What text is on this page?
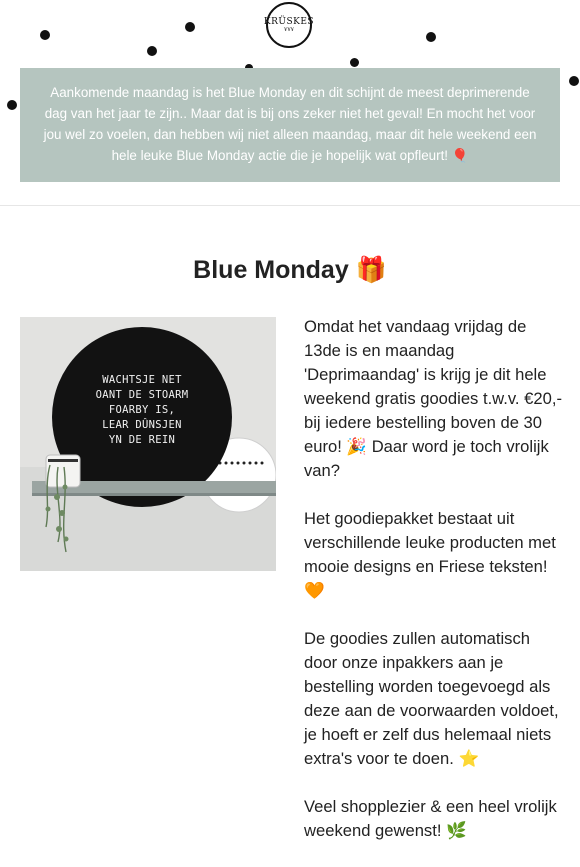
KRÜSKES
ҰҰҰ
Aankomende maandag is het Blue Monday en dit schijnt de meest deprimerende dag van het jaar te zijn.. Maar dat is bij ons zeker niet het geval! En mocht het voor jou wel zo voelen, dan hebben wij niet alleen maandag, maar dit hele weekend een hele leuke Blue Monday actie die je hopelijk wat opfleurt! 🎈
Blue Monday 🎁
WACHTSJE NET
OANT DE STOARM
FOARBY IS,
LEAR DÛNSJEN
YN DE REIN

Omdat het vandaag vrijdag de 13de is en maandag 'Deprimaandag' is krijg je dit hele weekend gratis goodies t.w.v. €20,- bij iedere bestelling boven de 30 euro! 🎉 Daar word je toch vrolijk van?

Het goodiepakket bestaat uit verschillende leuke producten met mooie designs en Friese teksten! 🧡

De goodies zullen automatisch door onze inpakkers aan je bestelling worden toegevoegd als deze aan de voorwaarden voldoet, je hoeft er zelf dus helemaal niets extra's voor te doen. ⭐

Veel shopplezier & een heel vrolijk weekend gewenst! 🌿
